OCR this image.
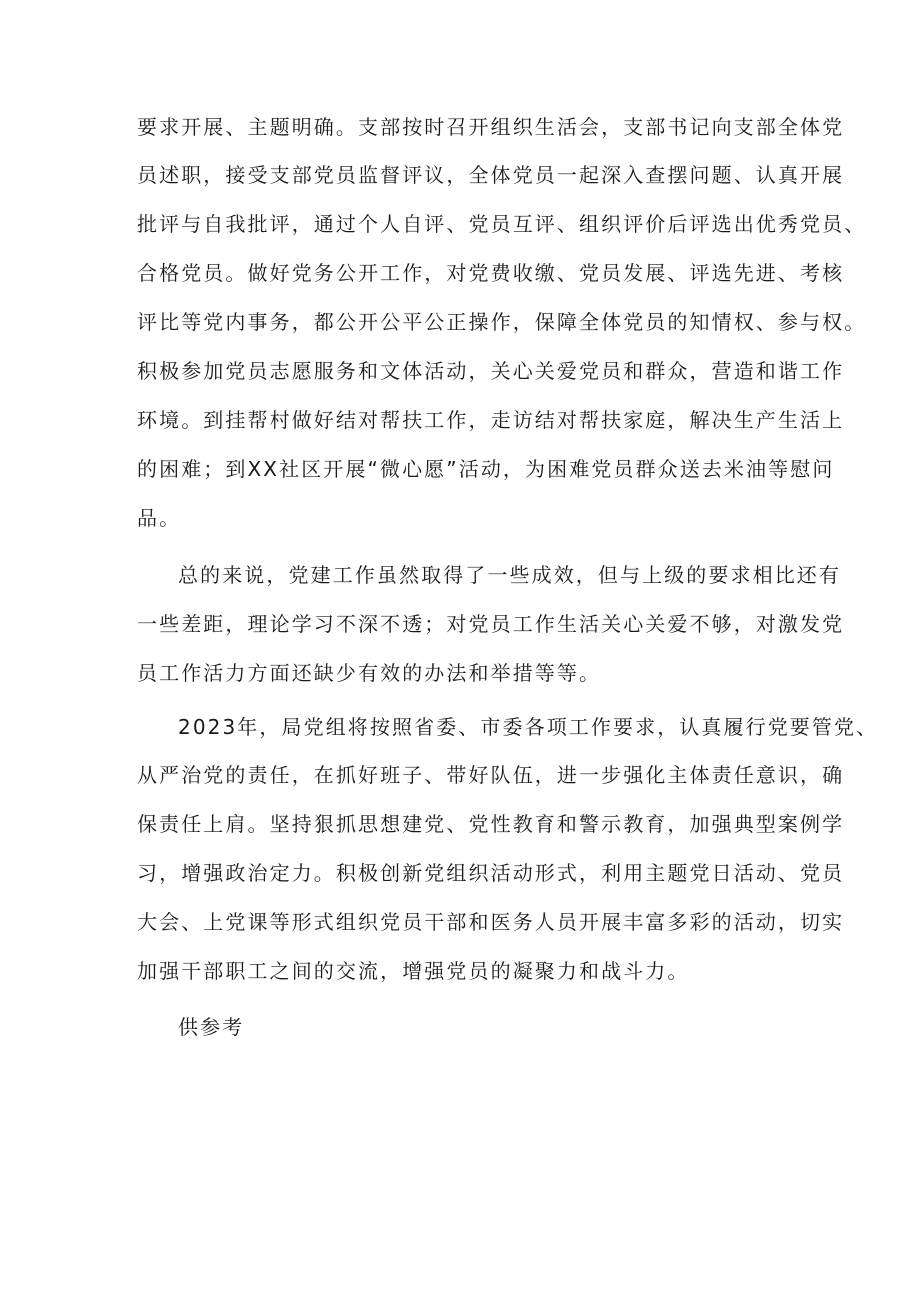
要求开展、主题明确。支部按时召开组织生活会，支部书记向支部全体党
员述职，接受支部党员监督评议，全体党员一起深入查摆问题、认真开展
批评与自我批评，通过个人自评、党员互评、组织评价后评选出优秀党员、
合格党员。做好党务公开工作，对党费收缴、党员发展、评选先进、考核
评比等党内事务，都公开公平公正操作，保障全体党员的知情权、参与权。
积极参加党员志愿服务和文体活动，关心关爱党员和群众，营造和谐工作
环境。到挂帮村做好结对帮扶工作，走访结对帮扶家庭，解决生产生活上
的困难；到XX社区开展“微心愿”活动，为困难党员群众送去米油等慰问
品。
总的来说，党建工作虽然取得了一些成效，但与上级的要求相比还有
一些差距，理论学习不深不透；对党员工作生活关心关爱不够，对激发党
员工作活力方面还缺少有效的办法和举措等等。
2023年，局党组将按照省委、市委各项工作要求，认真履行党要管党、
从严治党的责任，在抓好班子、带好队伍，进一步强化主体责任意识，确
保责任上肩。坚持狠抓思想建党、党性教育和警示教育，加强典型案例学
习，增强政治定力。积极创新党组织活动形式，利用主题党日活动、党员
大会、上党课等形式组织党员干部和医务人员开展丰富多彩的活动，切实
加强干部职工之间的交流，增强党员的凝聚力和战斗力。
供参考
